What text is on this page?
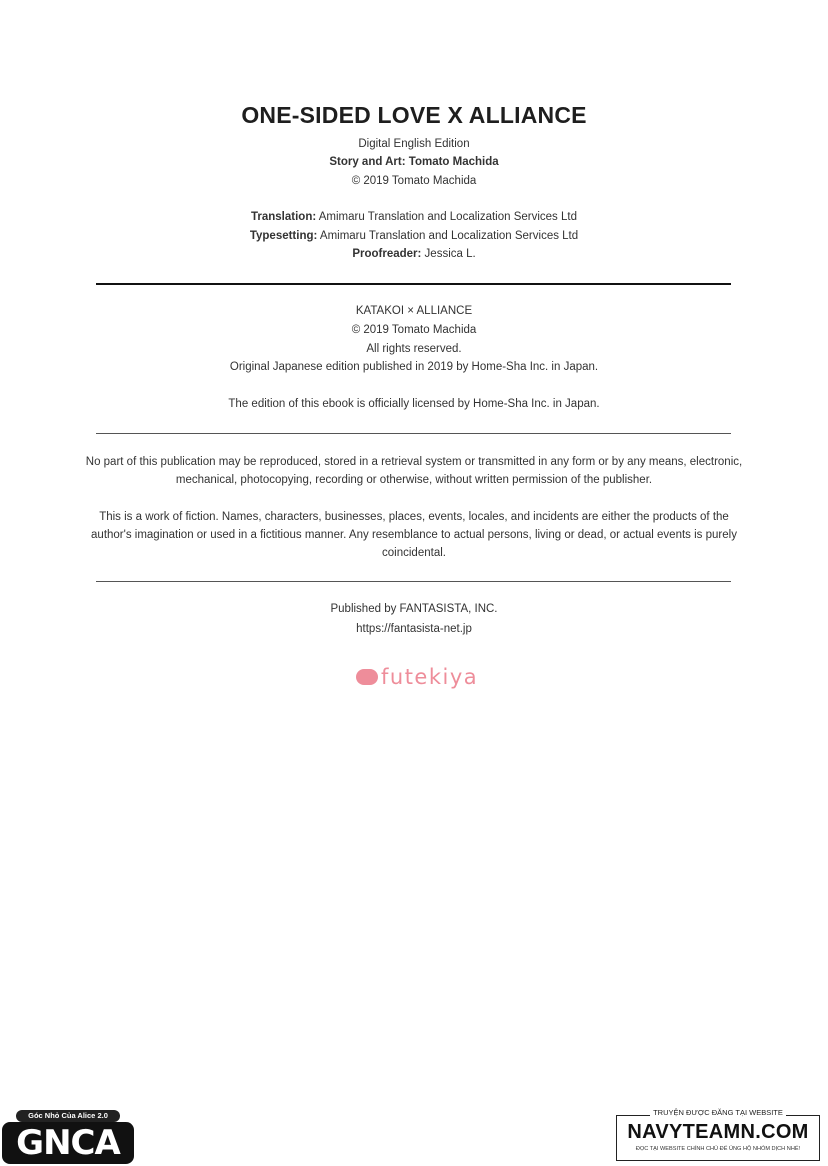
ONE-SIDED LOVE X ALLIANCE
Digital English Edition
Story and Art: Tomato Machida
© 2019 Tomato Machida
Translation: Amimaru Translation and Localization Services Ltd
Typesetting: Amimaru Translation and Localization Services Ltd
Proofreader: Jessica L.
KATAKOI × ALLIANCE
© 2019 Tomato Machida
All rights reserved.
Original Japanese edition published in 2019 by Home-Sha Inc. in Japan.
The edition of this ebook is officially licensed by Home-Sha Inc. in Japan.
No part of this publication may be reproduced, stored in a retrieval system or transmitted in any form or by any means, electronic, mechanical, photocopying, recording or otherwise, without written permission of the publisher.
This is a work of fiction. Names, characters, businesses, places, events, locales, and incidents are either the products of the author's imagination or used in a fictitious manner. Any resemblance to actual persons, living or dead, or actual events is purely coincidental.
Published by FANTASISTA, INC.
https://fantasista-net.jp
futekiya
Góc Nhỏ Của Alice 2.0
GNCA
TRUYỆN ĐƯỢC ĐĂNG TẠI WEBSITE
NAVYTEAMN.COM
ĐỌC TẠI WEBSITE CHÍNH CHỦ ĐỂ ỦNG HỘ NHÓM DỊCH NHÉ!
